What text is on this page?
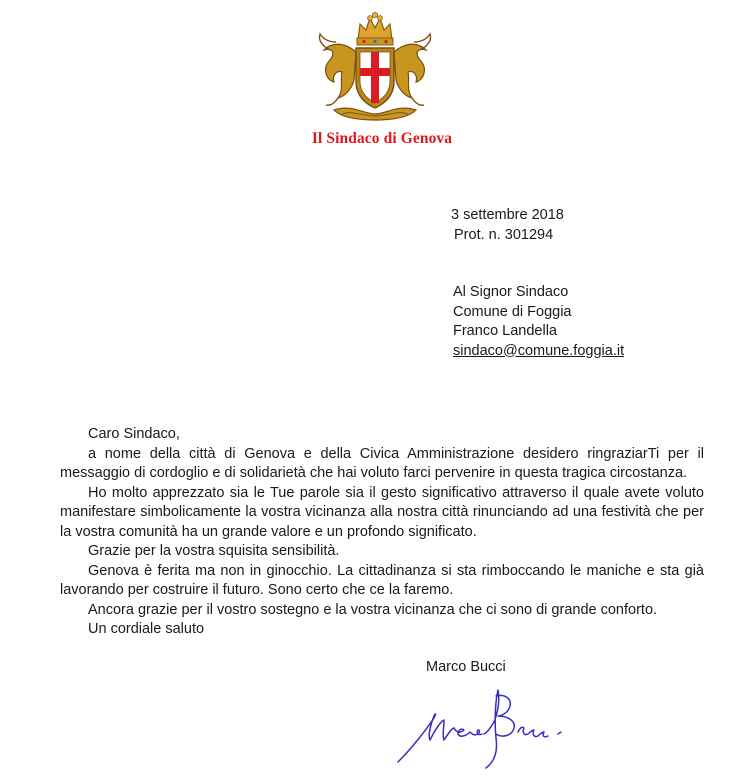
Il Sindaco di Genova
3 settembre 2018
Prot. n. 301294
Al Signor Sindaco
Comune di Foggia
Franco Landella
sindaco@comune.foggia.it

Caro Sindaco,

a nome della città di Genova e della Civica Amministrazione desidero ringraziarTi per il messaggio di cordoglio e di solidarietà che hai voluto farci pervenire in questa tragica circostanza.

Ho molto apprezzato sia le Tue parole sia il gesto significativo attraverso il quale avete voluto manifestare simbolicamente la vostra vicinanza alla nostra città rinunciando ad una festività che per la vostra comunità ha un grande valore e un profondo significato.

Grazie per la vostra squisita sensibilità.

Genova è ferita ma non in ginocchio. La cittadinanza si sta rimboccando le maniche e sta già lavorando per costruire il futuro. Sono certo che ce la faremo.

Ancora grazie per il vostro sostegno e la vostra vicinanza che ci sono di grande conforto.

Un cordiale saluto

Marco Bucci
